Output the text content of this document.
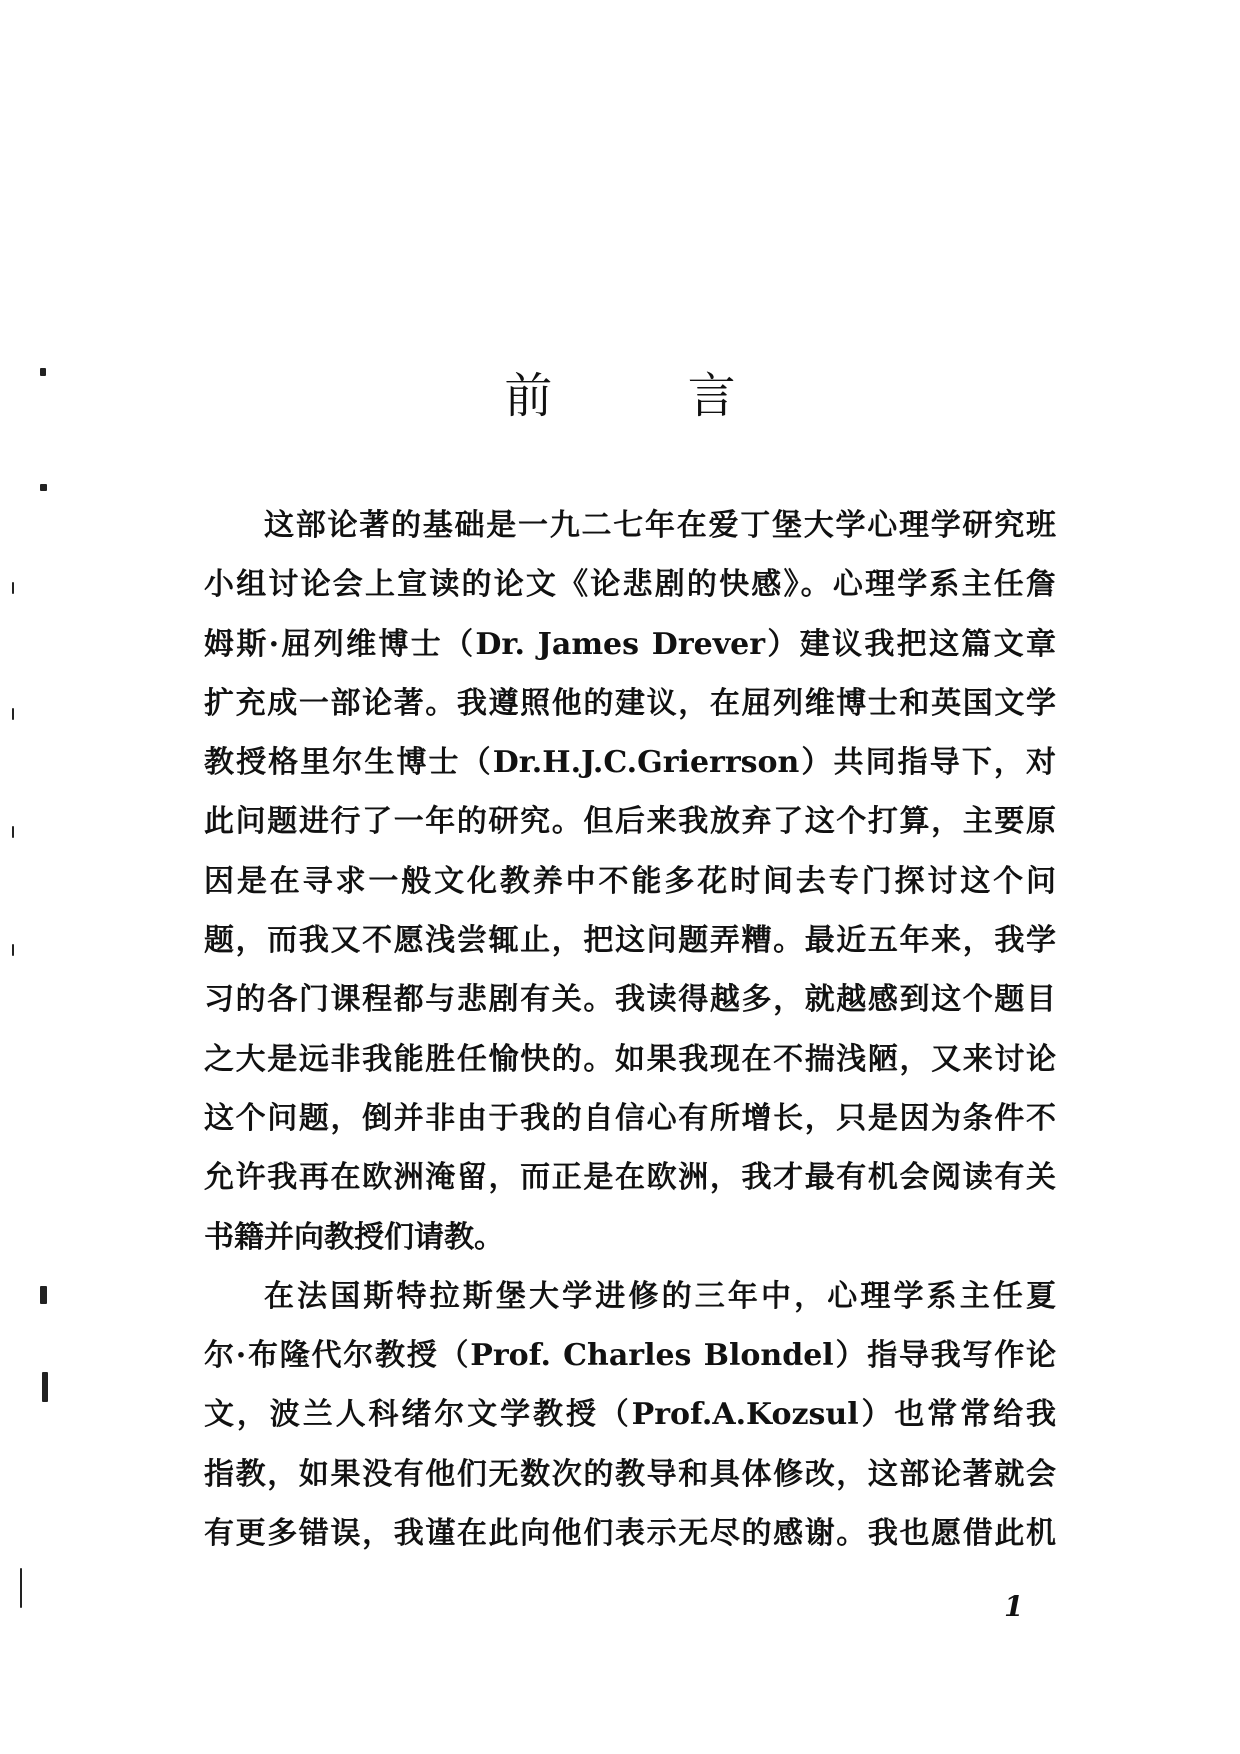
前 言

这部论著的基础是一九二七年在爱丁堡大学心理学研究班
小组讨论会上宣读的论文《论悲剧的快感》。心理学系主任詹
姆斯·屈列维博士（Dr. James Drever）建议我把这篇文章
扩充成一部论著。我遵照他的建议，在屈列维博士和英国文学
教授格里尔生博士（Dr.H.J.C.Grierrson）共同指导下，对
此问题进行了一年的研究。但后来我放弃了这个打算，主要原
因是在寻求一般文化教养中不能多花时间去专门探讨这个问
题，而我又不愿浅尝辄止，把这问题弄糟。最近五年来，我学
习的各门课程都与悲剧有关。我读得越多，就越感到这个题目
之大是远非我能胜任愉快的。如果我现在不揣浅陋，又来讨论
这个问题，倒并非由于我的自信心有所增长，只是因为条件不
允许我再在欧洲淹留，而正是在欧洲，我才最有机会阅读有关
书籍并向教授们请教。

在法国斯特拉斯堡大学进修的三年中，心理学系主任夏
尔·布隆代尔教授（Prof. Charles Blondel）指导我写作论
文，波兰人科绪尔文学教授（Prof.A.Kozsul）也常常给我
指教，如果没有他们无数次的教导和具体修改，这部论著就会
有更多错误，我谨在此向他们表示无尽的感谢。我也愿借此机

1
